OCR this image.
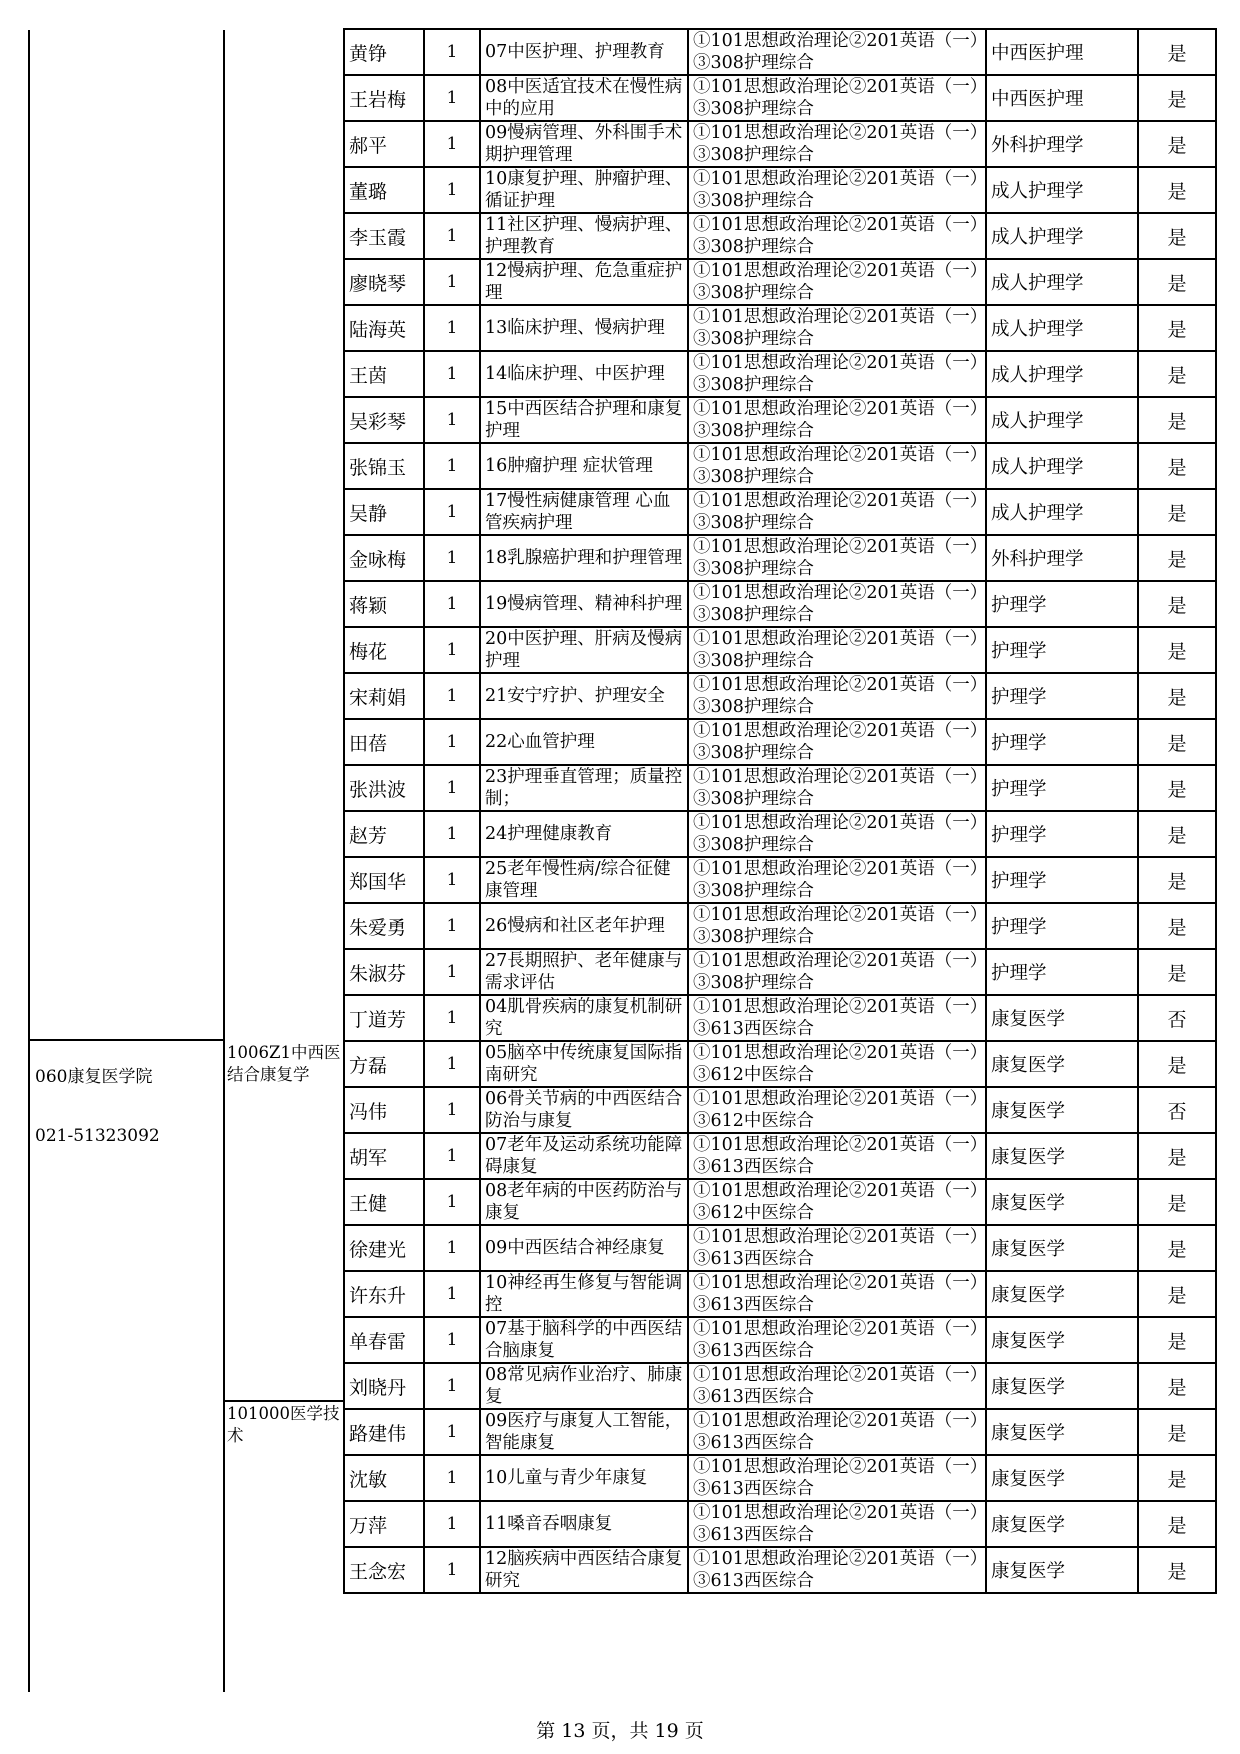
060康复医学院
021-51323092
1006Z1中西医结合康复学
101000医学技术
黄铮	1	07中医护理、护理教育	①101思想政治理论②201英语（一）③308护理综合	中西医护理	是
王岩梅	1	08中医适宜技术在慢性病中的应用	①101思想政治理论②201英语（一）③308护理综合	中西医护理	是
郝平	1	09慢病管理、外科围手术期护理管理	①101思想政治理论②201英语（一）③308护理综合	外科护理学	是
董璐	1	10康复护理、肿瘤护理、循证护理	①101思想政治理论②201英语（一）③308护理综合	成人护理学	是
李玉霞	1	11社区护理、慢病护理、护理教育	①101思想政治理论②201英语（一）③308护理综合	成人护理学	是
廖晓琴	1	12慢病护理、危急重症护理	①101思想政治理论②201英语（一）③308护理综合	成人护理学	是
陆海英	1	13临床护理、慢病护理	①101思想政治理论②201英语（一）③308护理综合	成人护理学	是
王茵	1	14临床护理、中医护理	①101思想政治理论②201英语（一）③308护理综合	成人护理学	是
吴彩琴	1	15中西医结合护理和康复护理	①101思想政治理论②201英语（一）③308护理综合	成人护理学	是
张锦玉	1	16肿瘤护理 症状管理	①101思想政治理论②201英语（一）③308护理综合	成人护理学	是
吴静	1	17慢性病健康管理 心血管疾病护理	①101思想政治理论②201英语（一）③308护理综合	成人护理学	是
金咏梅	1	18乳腺癌护理和护理管理	①101思想政治理论②201英语（一）③308护理综合	外科护理学	是
蒋颖	1	19慢病管理、精神科护理	①101思想政治理论②201英语（一）③308护理综合	护理学	是
梅花	1	20中医护理、肝病及慢病护理	①101思想政治理论②201英语（一）③308护理综合	护理学	是
宋莉娟	1	21安宁疗护、护理安全	①101思想政治理论②201英语（一）③308护理综合	护理学	是
田蓓	1	22心血管护理	①101思想政治理论②201英语（一）③308护理综合	护理学	是
张洪波	1	23护理垂直管理；质量控制；	①101思想政治理论②201英语（一）③308护理综合	护理学	是
赵芳	1	24护理健康教育	①101思想政治理论②201英语（一）③308护理综合	护理学	是
郑国华	1	25老年慢性病/综合征健康管理	①101思想政治理论②201英语（一）③308护理综合	护理学	是
朱爱勇	1	26慢病和社区老年护理	①101思想政治理论②201英语（一）③308护理综合	护理学	是
朱淑芬	1	27長期照护、老年健康与需求评估	①101思想政治理论②201英语（一）③308护理综合	护理学	是
丁道芳	1	04肌骨疾病的康复机制研究	①101思想政治理论②201英语（一）③613西医综合	康复医学	否
方磊	1	05脑卒中传统康复国际指南研究	①101思想政治理论②201英语（一）③612中医综合	康复医学	是
冯伟	1	06骨关节病的中西医结合防治与康复	①101思想政治理论②201英语（一）③612中医综合	康复医学	否
胡军	1	07老年及运动系统功能障碍康复	①101思想政治理论②201英语（一）③613西医综合	康复医学	是
王健	1	08老年病的中医药防治与康复	①101思想政治理论②201英语（一）③612中医综合	康复医学	是
徐建光	1	09中西医结合神经康复	①101思想政治理论②201英语（一）③613西医综合	康复医学	是
许东升	1	10神经再生修复与智能调控	①101思想政治理论②201英语（一）③613西医综合	康复医学	是
单春雷	1	07基于脑科学的中西医结合脑康复	①101思想政治理论②201英语（一）③613西医综合	康复医学	是
刘晓丹	1	08常见病作业治疗、肺康复	①101思想政治理论②201英语（一）③613西医综合	康复医学	是
路建伟	1	09医疗与康复人工智能，智能康复	①101思想政治理论②201英语（一）③613西医综合	康复医学	是
沈敏	1	10儿童与青少年康复	①101思想政治理论②201英语（一）③613西医综合	康复医学	是
万萍	1	11嗓音吞咽康复	①101思想政治理论②201英语（一）③613西医综合	康复医学	是
王念宏	1	12脑疾病中西医结合康复研究	①101思想政治理论②201英语（一）③613西医综合	康复医学	是
第 13 页，共 19 页
